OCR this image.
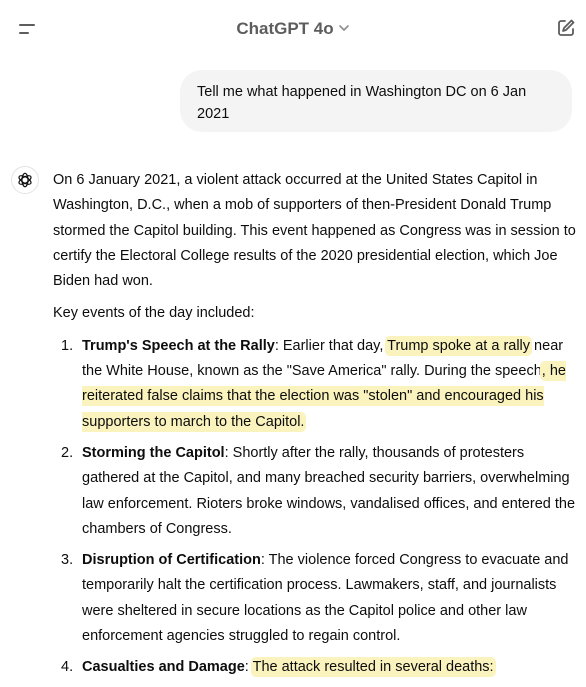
ChatGPT 4o
Tell me what happened in Washington DC on 6 Jan 2021

On 6 January 2021, a violent attack occurred at the United States Capitol in Washington, D.C., when a mob of supporters of then-President Donald Trump stormed the Capitol building. This event happened as Congress was in session to certify the Electoral College results of the 2020 presidential election, which Joe Biden had won.

Key events of the day included:

1. Trump's Speech at the Rally: Earlier that day, Trump spoke at a rally near the White House, known as the "Save America" rally. During the speech, he reiterated false claims that the election was "stolen" and encouraged his supporters to march to the Capitol.
2. Storming the Capitol: Shortly after the rally, thousands of protesters gathered at the Capitol, and many breached security barriers, overwhelming law enforcement. Rioters broke windows, vandalised offices, and entered the chambers of Congress.
3. Disruption of Certification: The violence forced Congress to evacuate and temporarily halt the certification process. Lawmakers, staff, and journalists were sheltered in secure locations as the Capitol police and other law enforcement agencies struggled to regain control.
4. Casualties and Damage: The attack resulted in several deaths:
